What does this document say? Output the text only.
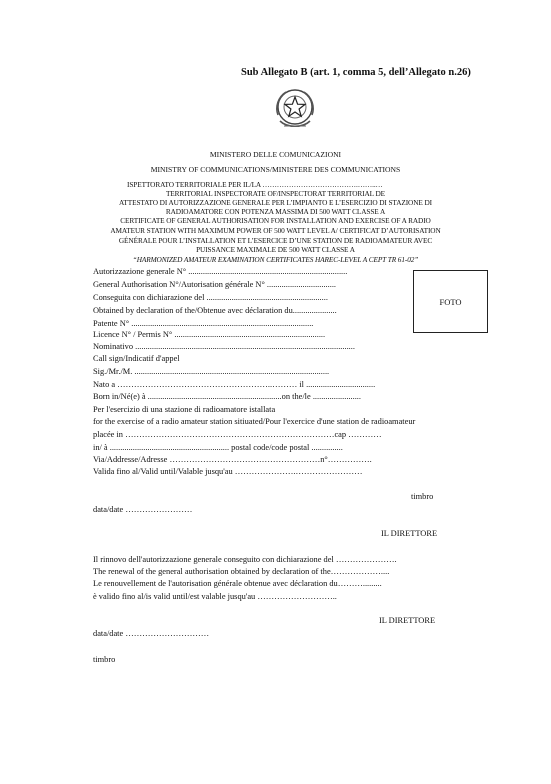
Sub Allegato B (art. 1, comma 5, dell’Allegato n.26)
MINISTERO DELLE COMUNICAZIONI
MINISTRY OF COMMUNICATIONS/MINISTERE DES COMMUNICATIONS
ISPETTORATO TERRITORIALE PER IL/LA ………………………………….……..…
TERRITORIAL INSPECTORATE OF/INSPECTORAT TERRITORIAL DE
ATTESTATO DI AUTORIZZAZIONE GENERALE PER L’IMPIANTO E L’ESERCIZIO DI STAZIONE DI
RADIOAMATORE CON POTENZA MASSIMA DI 500 WATT CLASSE A
CERTIFICATE OF GENERAL AUTHORISATION FOR INSTALLATION AND EXERCISE OF A RADIO
AMATEUR STATION WITH MAXIMUM POWER OF 500 WATT LEVEL A/ CERTIFICAT D’AUTORISATION
GÉNÉRALE POUR L’INSTALLATION ET L’ESERCICE D’UNE STATION DE RADIOAMATEUR AVEC
PUISSANCE MAXIMALE DE 500 WATT CLASSE A
“HARMONIZED AMATEUR EXAMINATION CERTIFICATES HAREC-LEVEL A CEPT TR 61-02”
FOTO
Autorizzazione generale N° ............................................................................
General Authorisation N°/Autorisation générale N° .................................
Conseguita con dichiarazione del ..........................................................
Obtained by declaration of the/Obtenue avec déclaration du.....................
Patente N° .......................................................................................
Licence N° / Permis N° ........................................................................
Nominativo .........................................................................................................
Call sign/Indicatif d'appel
Sig./Mr./M. .............................................................................................
Nato a ………………………………………………..……… il .................................
Born in/Né(e) à ................................................................on the/le .......................
Per l'esercizio di una stazione di radioamatore istallata
for the exercise of a radio amateur station sitiuated/Pour l'exercice d'une station de radioamateur
placée in …………………………………………………………………cap …………
in/ à ......................................................... postal code/code postal ...............
Via/Addresse/Adresse ………………………………………………n°…………….
Valida fino al/Valid until/Valable jusqu'au ………………….……………………
timbro
data/date ……………………
IL DIRETTORE
Il rinnovo dell'autorizzazione generale conseguito con dichiarazione del ………………….
The renewal of the general authorisation obtained by declaration of the………………....
Le renouvellement de l'autorisation générale obtenue avec déclaration du……….........
è valido fino al/is valid until/est valable jusqu'au ………………………..
IL DIRETTORE
data/date …………………………
timbro
